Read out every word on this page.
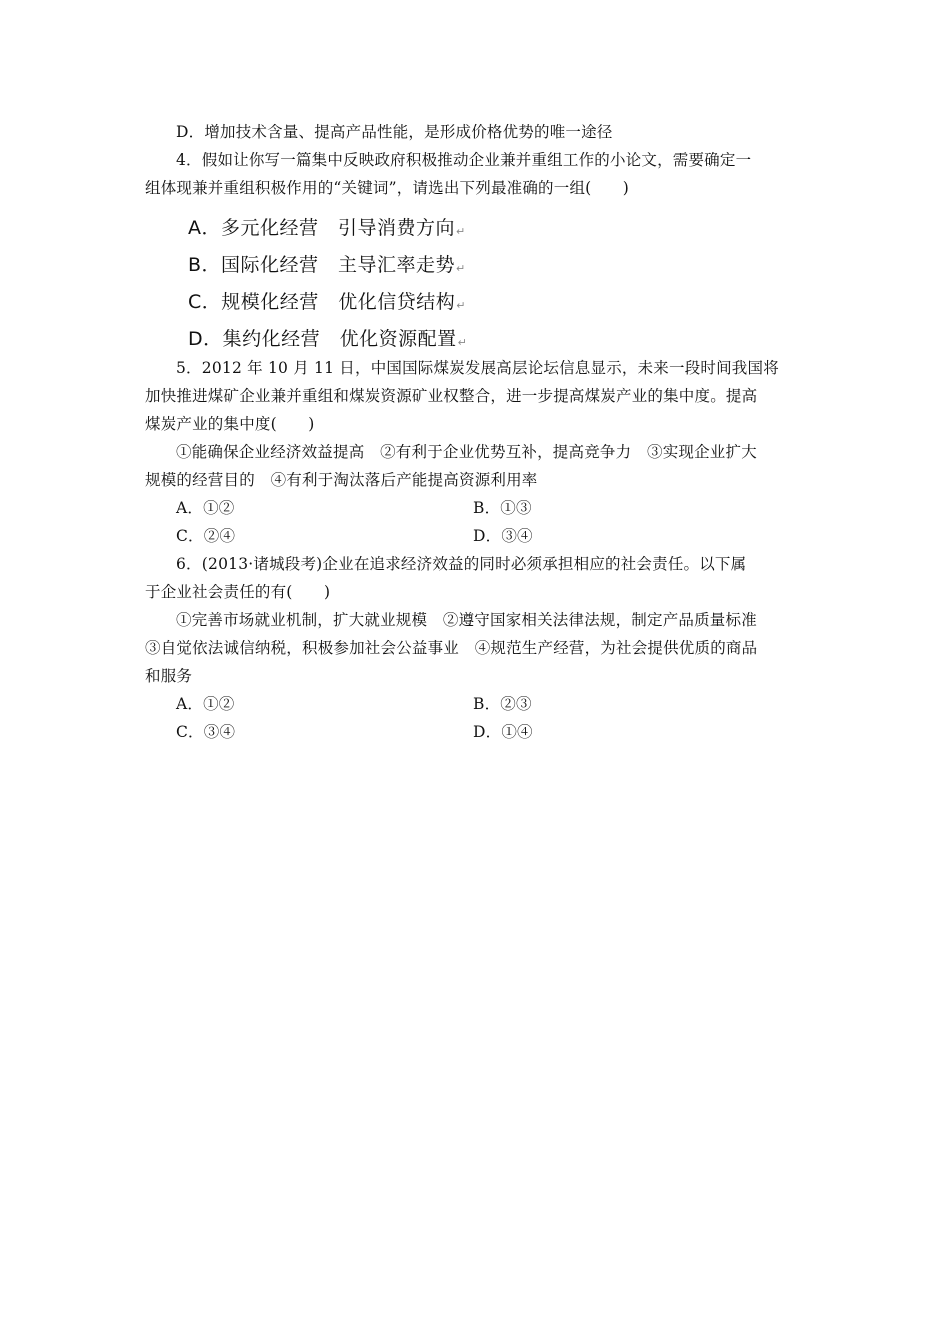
D．增加技术含量、提高产品性能，是形成价格优势的唯一途径
4．假如让你写一篇集中反映政府积极推动企业兼并重组工作的小论文，需要确定一
组体现兼并重组积极作用的“关键词”，请选出下列最准确的一组(　　)
A．多元化经营　引导消费方向↵
B．国际化经营　主导汇率走势↵
C．规模化经营　优化信贷结构↵
D．集约化经营　优化资源配置↵
5．2012 年 10 月 11 日，中国国际煤炭发展高层论坛信息显示，未来一段时间我国将
加快推进煤矿企业兼并重组和煤炭资源矿业权整合，进一步提高煤炭产业的集中度。提高
煤炭产业的集中度(　　)
①能确保企业经济效益提高　②有利于企业优势互补，提高竞争力　③实现企业扩大
规模的经营目的　④有利于淘汰落后产能提高资源利用率
A．①②	B．①③
C．②④	D．③④
6．(2013·诸城段考)企业在追求经济效益的同时必须承担相应的社会责任。以下属
于企业社会责任的有(　　)
①完善市场就业机制，扩大就业规模　②遵守国家相关法律法规，制定产品质量标准
③自觉依法诚信纳税，积极参加社会公益事业　④规范生产经营，为社会提供优质的商品
和服务
A．①②	B．②③
C．③④	D．①④
